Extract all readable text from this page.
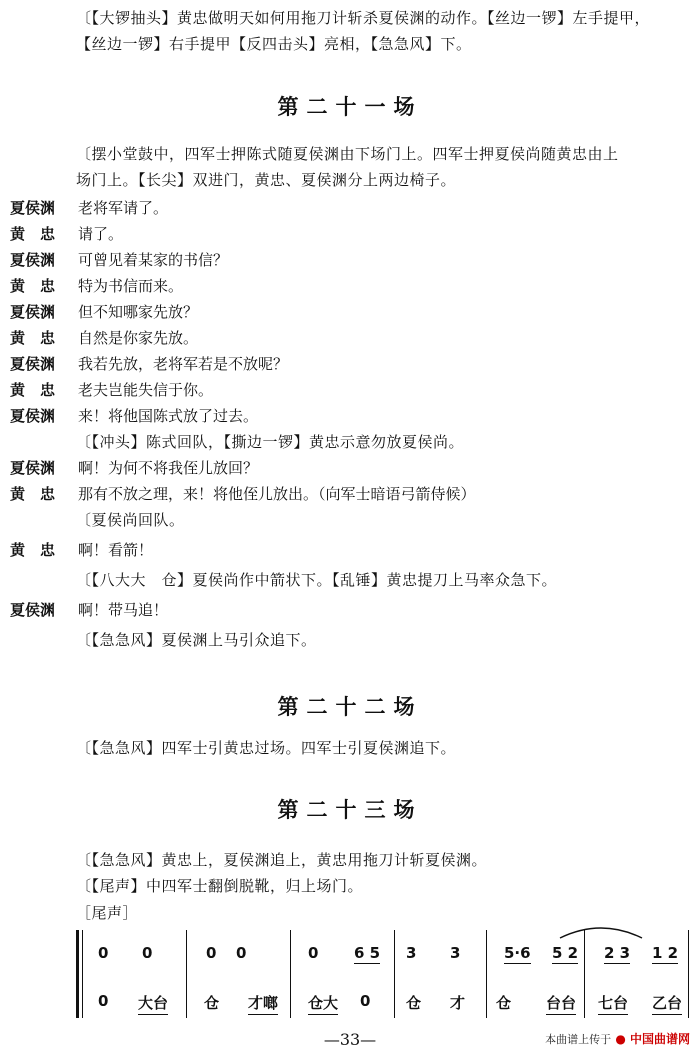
〔【大锣抽头】黄忠做明天如何用拖刀计斩杀夏侯渊的动作。【丝边一锣】左手提甲，
【丝边一锣】右手提甲【反四击头】亮相，【急急风】下。
〔摆小堂鼓中，四军士押陈式随夏侯渊由下场门上。四军士押夏侯尚随黄忠由上
场门上。【长尖】双进门，黄忠、夏侯渊分上两边椅子。
第二十一场
第二十二场
第二十三场
夏侯渊 老将军请了。
黄　忠 请了。
夏侯渊 可曾见着某家的书信？
黄　忠 特为书信而来。
夏侯渊 但不知哪家先放？
黄　忠 自然是你家先放。
夏侯渊 我若先放，老将军若是不放呢？
黄　忠 老夫岂能失信于你。
夏侯渊 来！将他国陈式放了过去。
〔【冲头】陈式回队，【撕边一锣】黄忠示意勿放夏侯尚。
夏侯渊 啊！为何不将我侄儿放回？
黄　忠 那有不放之理，来！将他侄儿放出。（向军士暗语弓箭侍候）
〔夏侯尚回队。
黄　忠 啊！看箭！
〔【八大大　仓】夏侯尚作中箭状下。【乱锤】黄忠提刀上马率众急下。
夏侯渊 啊！带马追！
〔【急急风】夏侯渊上马引众追下。
〔【急急风】四军士引黄忠过场。四军士引夏侯渊追下。
〔【急急风】黄忠上，夏侯渊追上，黄忠用拖刀计斩夏侯渊。
〔【尾声】中四军士翻倒脱靴，归上场门。
［尾声］
0 0	0 0	0 6 5 3 3	5·6 5 2 2 3 1 2
0 大台 仓 才啷 仓大 0 仓 才 仓 台台 七台 乙台
—33—	本曲谱上传于 ● 中国曲谱网
